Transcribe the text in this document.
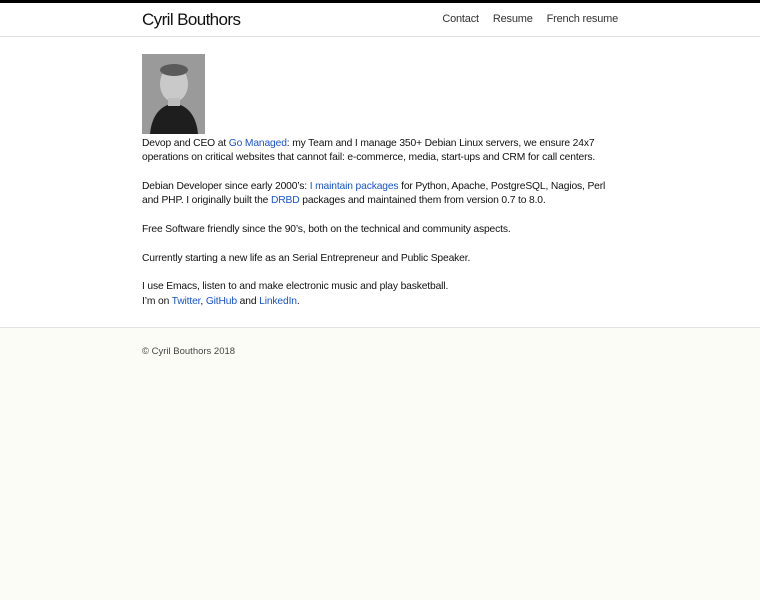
Cyril Bouthors	Contact Resume French resume

Devop and CEO at Go Managed: my Team and I manage 350+ Debian Linux servers, we ensure 24x7 operations on critical websites that cannot fail: e-commerce, media, start-ups and CRM for call centers.

Debian Developer since early 2000’s: I maintain packages for Python, Apache, PostgreSQL, Nagios, Perl and PHP. I originally built the DRBD packages and maintained them from version 0.7 to 8.0.

Free Software friendly since the 90’s, both on the technical and community aspects.

Currently starting a new life as an Serial Entrepreneur and Public Speaker.

I use Emacs, listen to and make electronic music and play basketball.
I’m on Twitter, GitHub and LinkedIn.

© Cyril Bouthors 2018
